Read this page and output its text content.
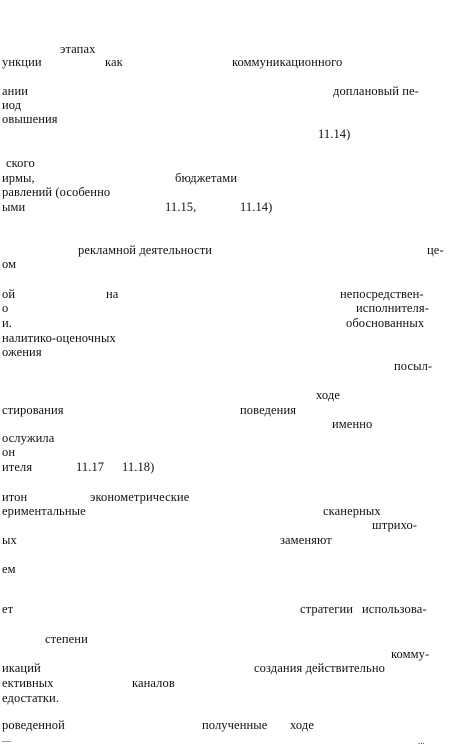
этапах
ункции	как	коммуникационного
ании	доплановый пе-
иод
овышения
11.14)
ского
ирмы,	бюджетами
равлений (особенно
ыми	11.15,	11.14)
рекламной деятельности	це-
ом
ой	на	непосредствен-
о	исполнителя-
и.	обоснованных
налитико-оценочных
ожения
посыл-
ходе
стирования	поведения
именно
ослужила
он
ителя	11.17 11.18)
итон	эконометрические
ериментальные	сканерных
штрихо-
ых	заменяют
ем
ет	стратегии использова-
степени
комму-
икаций	создания действительно
ективных	каналов
едостатки.
роведенной	полученные ходе
—	...
